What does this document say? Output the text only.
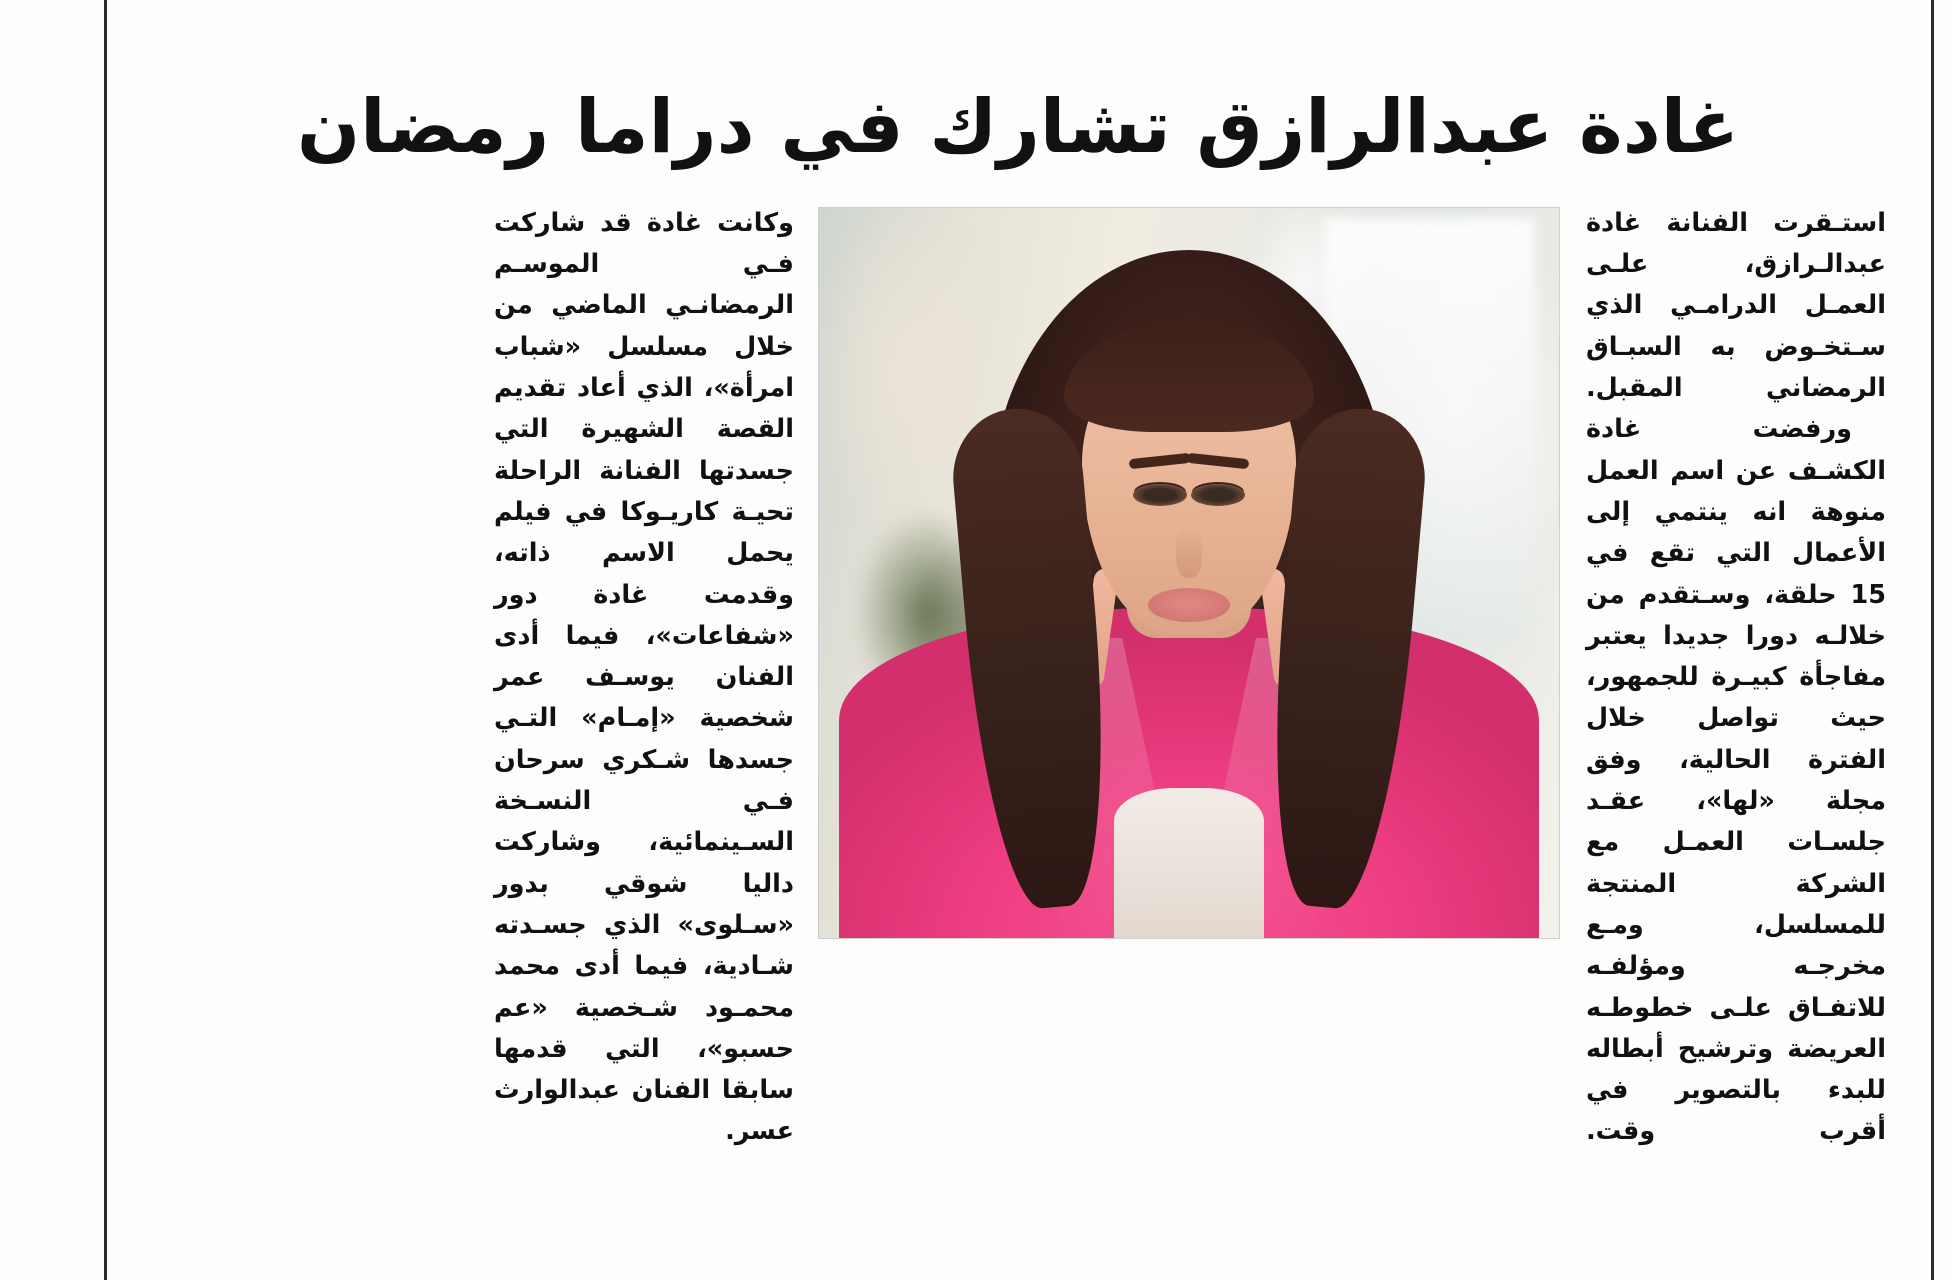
غادة عبدالرازق تشارك في دراما رمضان

استـقرت الفنانة غادة عبدالـرازق، علـى العمـل الدرامـي الذي سـتخـوض به السبـاق الرمضاني المقبل.

ورفضت غادة الكشـف عن اسم العمل منوهة انه ينتمي إلى الأعمال التي تقع في 15 حلقة، وسـتقدم من خلالـه دورا جديدا يعتبر مفاجأة كبيـرة للجمهور، حيث تواصل خلال الفترة الحالية، وفق مجلة «لها»، عقـد جلسـات العمـل مع الشركة المنتجة للمسلسل، ومـع مخرجـه ومؤلفـه للاتفـاق علـى خطوطـه العريضة وترشيح أبطاله للبدء بالتصوير في أقرب وقت.

وكانت غادة قد شاركت فـي الموسـم الرمضانـي الماضي من خلال مسلسل «شباب امرأة»، الذي أعاد تقديم القصة الشهيرة التي جسدتها الفنانة الراحلة تحيـة كاريـوكا في فيلم يحمل الاسم ذاته، وقدمت غادة دور «شفاعات»، فيما أدى الفنان يوسـف عمر شخصية «إمـام» التـي جسدها شـكري سرحان فـي النسـخة السـينمائية، وشاركت داليا شوقي بدور «سـلوى» الذي جسـدته شـادية، فيما أدى محمد محمـود شـخصية «عم حسبو»، التي قدمها سابقا الفنان عبدالوارث عسر.
